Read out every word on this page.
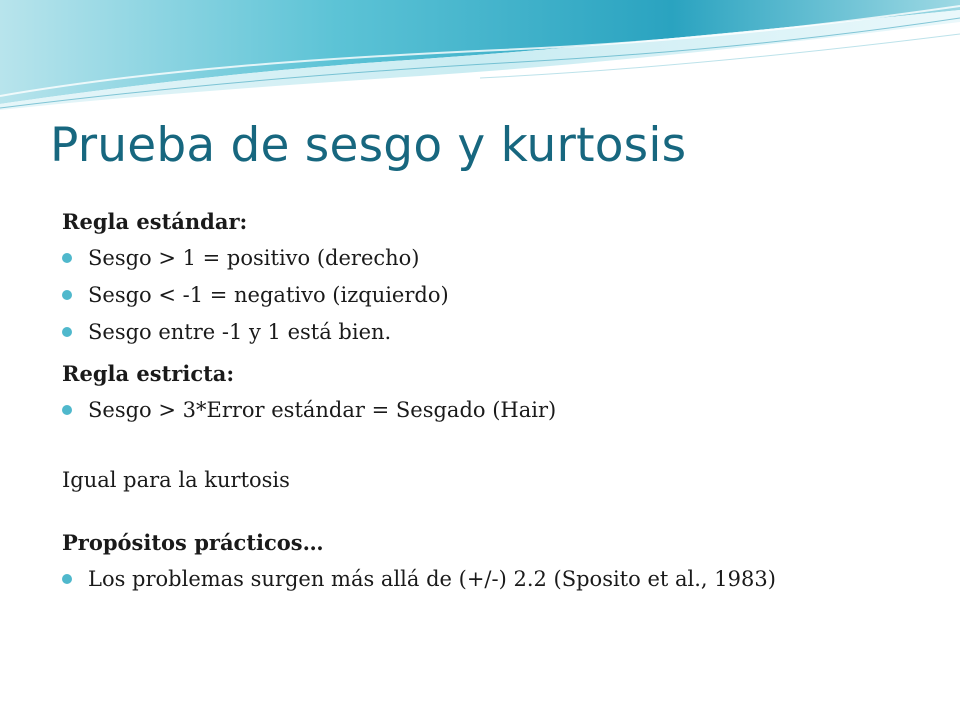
Prueba de sesgo y kurtosis

Regla estándar:

Sesgo > 1 = positivo (derecho)
Sesgo < -1 = negativo (izquierdo)
Sesgo entre -1 y 1 está bien.

Regla estricta:

Sesgo > 3*Error estándar = Sesgado (Hair)

Igual para la kurtosis

Propósitos prácticos…

Los problemas surgen más allá de (+/-) 2.2 (Sposito et al., 1983)
